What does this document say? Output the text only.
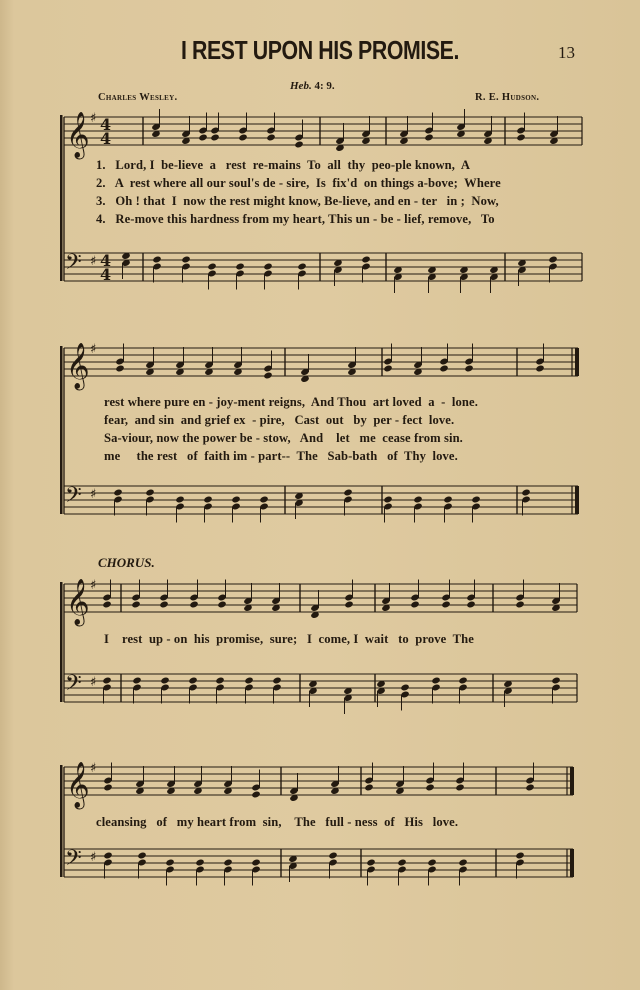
I REST UPON HIS PROMISE.	13
Heb. 4: 9.
Charles Wesley.	R. E. Hudson.
CHORUS.
𝄞 ♯ 4
4
𝄢 ♯ 4
4
𝄞 ♯
𝄢 ♯
𝄞 ♯
𝄢 ♯
𝄞 ♯
𝄢 ♯
1.   Lord, I  be-lieve  a   rest  re-mains  To  all  thy  peo-ple known,  A
2.   A  rest where all our soul's de - sire,  Is  fix'd  on things a-bove;  Where
3.   Oh ! that  I  now the rest might know, Be-lieve, and en - ter   in ;  Now,
4.   Re-move this hardness from my heart, This un - be - lief, remove,   To
rest where pure en - joy-ment reigns,  And Thou  art loved  a  -  lone.
fear,  and sin  and grief ex  - pire,   Cast  out   by  per - fect  love.
Sa-viour, now the power be - stow,   And    let   me  cease from sin.
me     the rest   of  faith im - part--  The   Sab-bath   of  Thy  love.
I    rest  up - on  his  promise,  sure;   I  come, I  wait   to  prove  The
cleansing   of   my heart from  sin,    The   full - ness  of   His   love.
